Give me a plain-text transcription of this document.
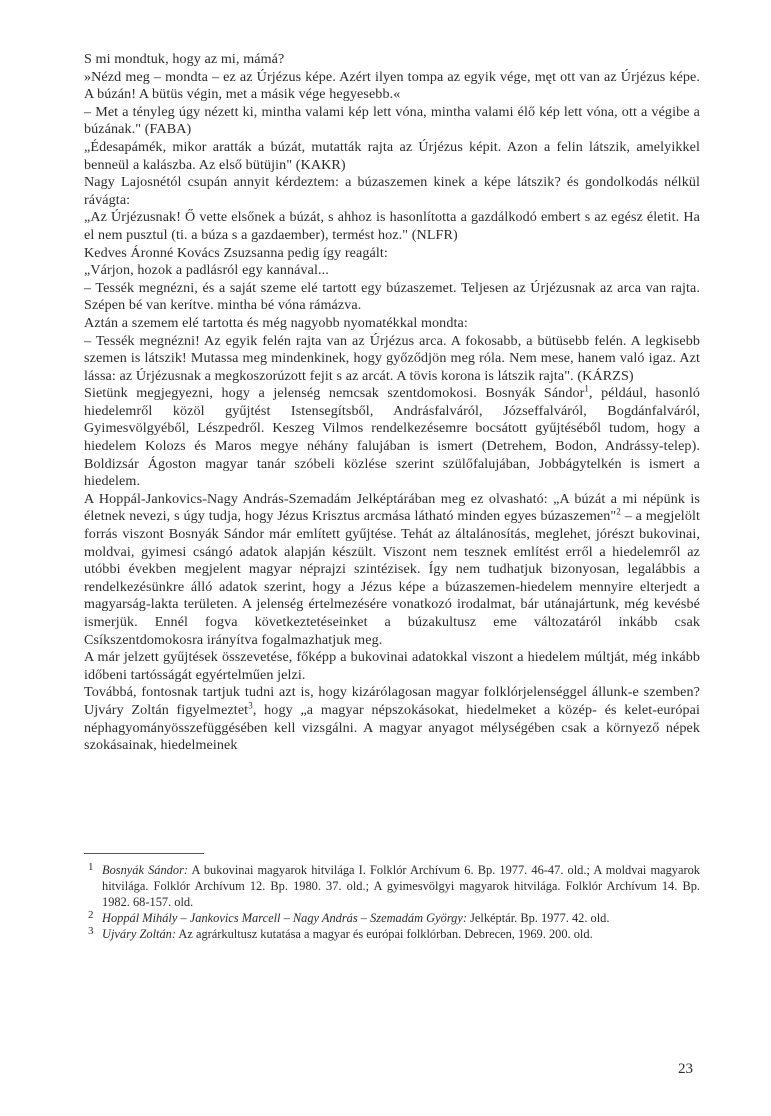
S mi mondtuk, hogy az mi, mámá?

»Nézd meg – mondta – ez az Úrjézus képe. Azért ilyen tompa az egyik vége, męt ott van az Úrjézus képe. A búzán! A bütüs végin, met a másik vége hegyesebb.«

– Met a tényleg úgy nézett ki, mintha valami kép lett vóna, mintha valami élő kép lett vóna, ott a végibe a búzának." (FABA)

„Édesapámék, mikor aratták a búzát, mutatták rajta az Úrjézus képit. Azon a felin látszik, amelyikkel benneül a kalászba. Az első bütüjin" (KAKR)

Nagy Lajosnétól csupán annyit kérdeztem: a búzaszemen kinek a képe látszik? és gondolkodás nélkül rávágta:

„Az Úrjézusnak! Ő vette elsőnek a búzát, s ahhoz is hasonlította a gazdálkodó embert s az egész életit. Ha el nem pusztul (ti. a búza s a gazdaember), termést hoz." (NLFR)

Kedves Áronné Kovács Zsuzsanna pedig így reagált:

„Várjon, hozok a padlásról egy kannával...

– Tessék megnézni, és a saját szeme elé tartott egy búzaszemet. Teljesen az Úrjézusnak az arca van rajta. Szépen bé van kerítve. mintha bé vóna rámázva.

Aztán a szemem elé tartotta és még nagyobb nyomatékkal mondta:

– Tessék megnézni! Az egyik felén rajta van az Úrjézus arca. A fokosabb, a bütüsebb felén. A legkisebb szemen is látszik! Mutassa meg mindenkinek, hogy győződjön meg róla. Nem mese, hanem való igaz. Azt lássa: az Úrjézusnak a megkoszorúzott fejit s az arcát. A tövis korona is látszik rajta". (KÁRZS)

Sietünk megjegyezni, hogy a jelenség nemcsak szentdomokosi. Bosnyák Sándor$^1$, például, hasonló hiedelemről közöl gyűjtést Istensegítsből, Andrásfalváról, Józseffalváról, Bogdánfalváról, Gyimesvölgyéből, Lészpedről. Keszeg Vilmos rendelkezésemre bocsátott gyűjtéséből tudom, hogy a hiedelem Kolozs és Maros megye néhány falujában is ismert (Detrehem, Bodon, Andrássy-telep). Boldizsár Ágoston magyar tanár szóbeli közlése szerint szülőfalujában, Jobbágytelkén is ismert a hiedelem.

A Hoppál-Jankovics-Nagy András-Szemadám Jelképtárában meg ez olvasható: „A búzát a mi népünk is életnek nevezi, s úgy tudja, hogy Jézus Krisztus arcmása látható minden egyes búzaszemen"$^2$ – a megjelölt forrás viszont Bosnyák Sándor már említett gyűjtése. Tehát az általánosítás, meglehet, jórészt bukovinai, moldvai, gyimesi csángó adatok alapján készült. Viszont nem tesznek említést erről a hiedelemről az utóbbi években megjelent magyar néprajzi szintézisek. Így nem tudhatjuk bizonyosan, legalábbis a rendelkezésünkre álló adatok szerint, hogy a Jézus képe a búzaszemen-hiedelem mennyire elterjedt a magyarság-lakta területen. A jelenség értelmezésére vonatkozó irodalmat, bár utánajártunk, még kevésbé ismerjük. Ennél fogva következtetéseinket a búzakultusz eme változatáról inkább csak Csíkszentdomokosra irányítva fogalmazhatjuk meg.

A már jelzett gyűjtések összevetése, főképp a bukovinai adatokkal viszont a hiedelem múltját, még inkább időbeni tartósságát egyértelműen jelzi.

Továbbá, fontosnak tartjuk tudni azt is, hogy kizárólagosan magyar folklórjelenséggel állunk-e szemben? Ujváry Zoltán figyelmeztet$^3$, hogy „a magyar népszokásokat, hiedelmeket a közép- és kelet-európai néphagyományösszefüggésében kell vizsgálni. A magyar anyagot mélységében csak a környező népek szokásainak, hiedelmeinek

1 Bosnyák Sándor: A bukovinai magyarok hitvilága I. Folklór Archívum 6. Bp. 1977. 46-47. old.; A moldvai magyarok hitvilága. Folklór Archívum 12. Bp. 1980. 37. old.; A gyimesvölgyi magyarok hitvilága. Folklór Archívum 14. Bp. 1982. 68-157. old.
2 Hoppál Mihály – Jankovics Marcell – Nagy András – Szemadám György: Jelképtár. Bp. 1977. 42. old.
3 Ujváry Zoltán: Az agrárkultusz kutatása a magyar és európai folklórban. Debrecen, 1969. 200. old.
23
